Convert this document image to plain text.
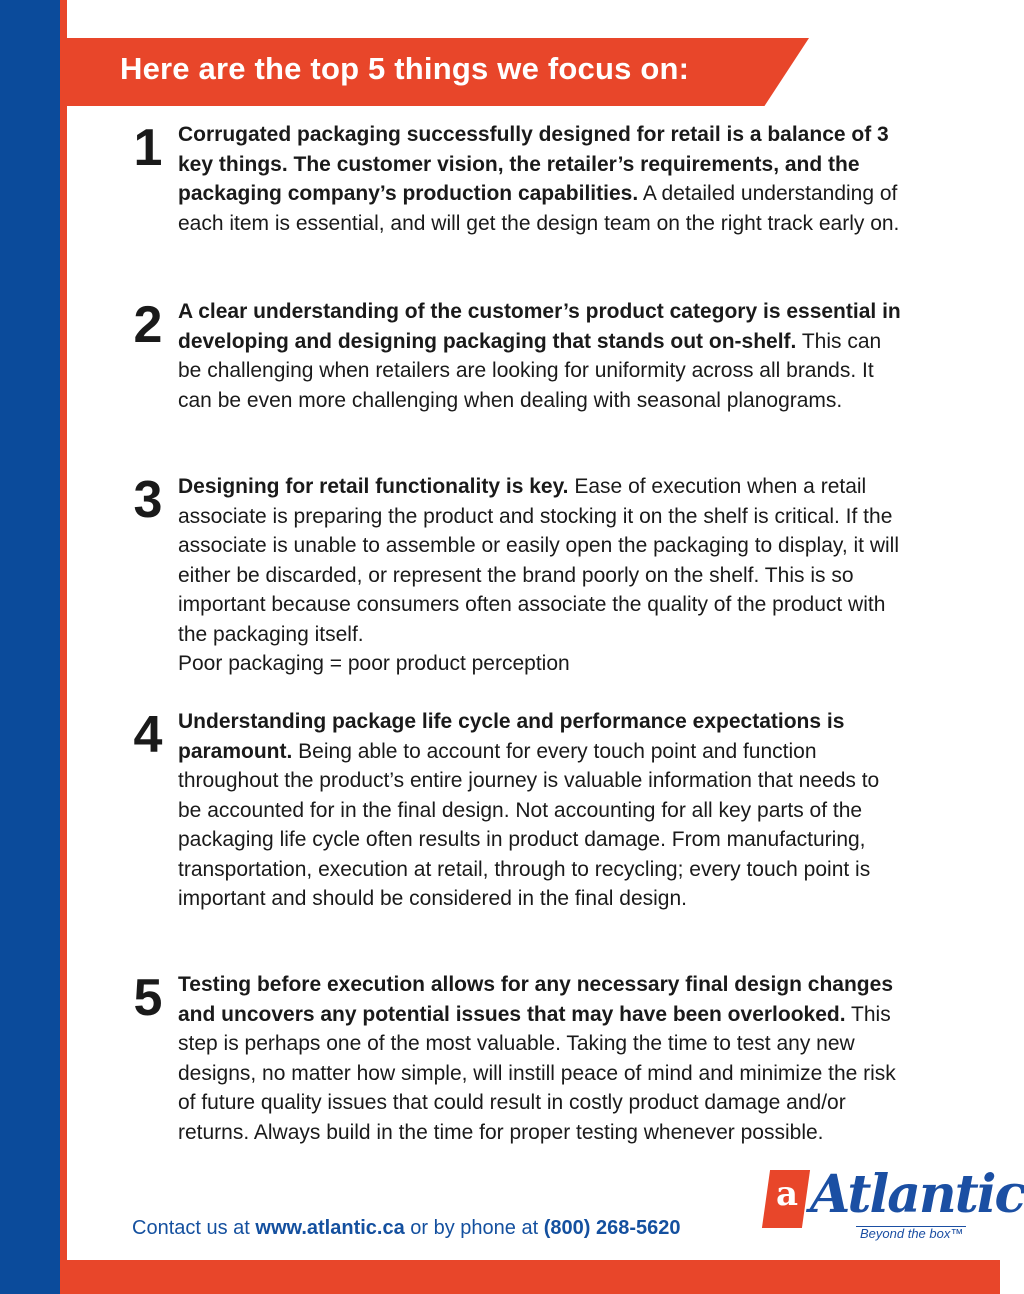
Here are the top 5 things we focus on:
1 Corrugated packaging successfully designed for retail is a balance of 3 key things. The customer vision, the retailer’s requirements, and the packaging company’s production capabilities. A detailed understanding of each item is essential, and will get the design team on the right track early on.
2 A clear understanding of the customer’s product category is essential in developing and designing packaging that stands out on-shelf. This can be challenging when retailers are looking for uniformity across all brands. It can be even more challenging when dealing with seasonal planograms.
3 Designing for retail functionality is key. Ease of execution when a retail associate is preparing the product and stocking it on the shelf is critical. If the associate is unable to assemble or easily open the packaging to display, it will either be discarded, or represent the brand poorly on the shelf. This is so important because consumers often associate the quality of the product with the packaging itself.
Poor packaging = poor product perception
4 Understanding package life cycle and performance expectations is paramount. Being able to account for every touch point and function throughout the product’s entire journey is valuable information that needs to be accounted for in the final design. Not accounting for all key parts of the packaging life cycle often results in product damage. From manufacturing, transportation, execution at retail, through to recycling; every touch point is important and should be considered in the final design.
5 Testing before execution allows for any necessary final design changes and uncovers any potential issues that may have been overlooked. This step is perhaps one of the most valuable. Taking the time to test any new designs, no matter how simple, will instill peace of mind and minimize the risk of future quality issues that could result in costly product damage and/or returns. Always build in the time for proper testing whenever possible.
Contact us at www.atlantic.ca or by phone at (800) 268-5620
a Atlantic
Beyond the box™
